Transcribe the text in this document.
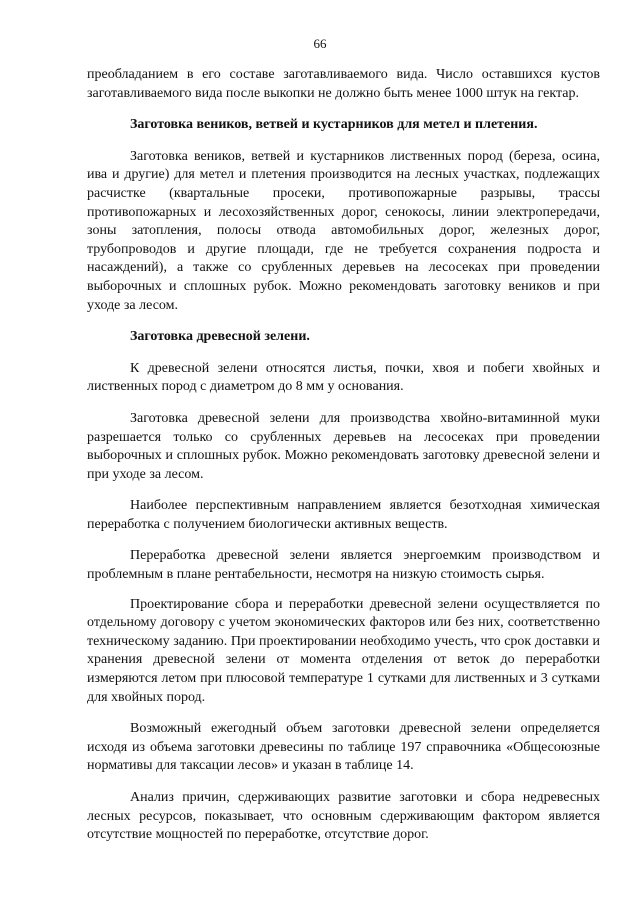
66

преобладанием в его составе заготавливаемого вида. Число оставшихся кустов заготавливаемого вида после выкопки не должно быть менее 1000 штук на гектар.

Заготовка веников, ветвей и кустарников для метел и плетения.

Заготовка веников, ветвей и кустарников лиственных пород (береза, осина, ива и другие) для метел и плетения производится на лесных участках, подлежащих расчистке (квартальные просеки, противопожарные разрывы, трассы противопожарных и лесохозяйственных дорог, сенокосы, линии электропередачи, зоны затопления, полосы отвода автомобильных дорог, железных дорог, трубопроводов и другие площади, где не требуется сохранения подроста и насаждений), а также со срубленных деревьев на лесосеках при проведении выборочных и сплошных рубок. Можно рекомендовать заготовку веников и при уходе за лесом.

Заготовка древесной зелени.

К древесной зелени относятся листья, почки, хвоя и побеги хвойных и лиственных пород с диаметром до 8 мм у основания.

Заготовка древесной зелени для производства хвойно-витаминной муки разрешается только со срубленных деревьев на лесосеках при проведении выборочных и сплошных рубок. Можно рекомендовать заготовку древесной зелени и при уходе за лесом.

Наиболее перспективным направлением является безотходная химическая переработка с получением биологически активных веществ.

Переработка древесной зелени является энергоемким производством и проблемным в плане рентабельности, несмотря на низкую стоимость сырья.

Проектирование сбора и переработки древесной зелени осуществляется по отдельному договору с учетом экономических факторов или без них, соответственно техническому заданию. При проектировании необходимо учесть, что срок доставки и хранения древесной зелени от момента отделения от веток до переработки измеряются летом при плюсовой температуре 1 сутками для лиственных и 3 сутками для хвойных пород.

Возможный ежегодный объем заготовки древесной зелени определяется исходя из объема заготовки древесины по таблице 197 справочника «Общесоюзные нормативы для таксации лесов» и указан в таблице 14.

Анализ причин, сдерживающих развитие заготовки и сбора недревесных лесных ресурсов, показывает, что основным сдерживающим фактором является отсутствие мощностей по переработке, отсутствие дорог.
